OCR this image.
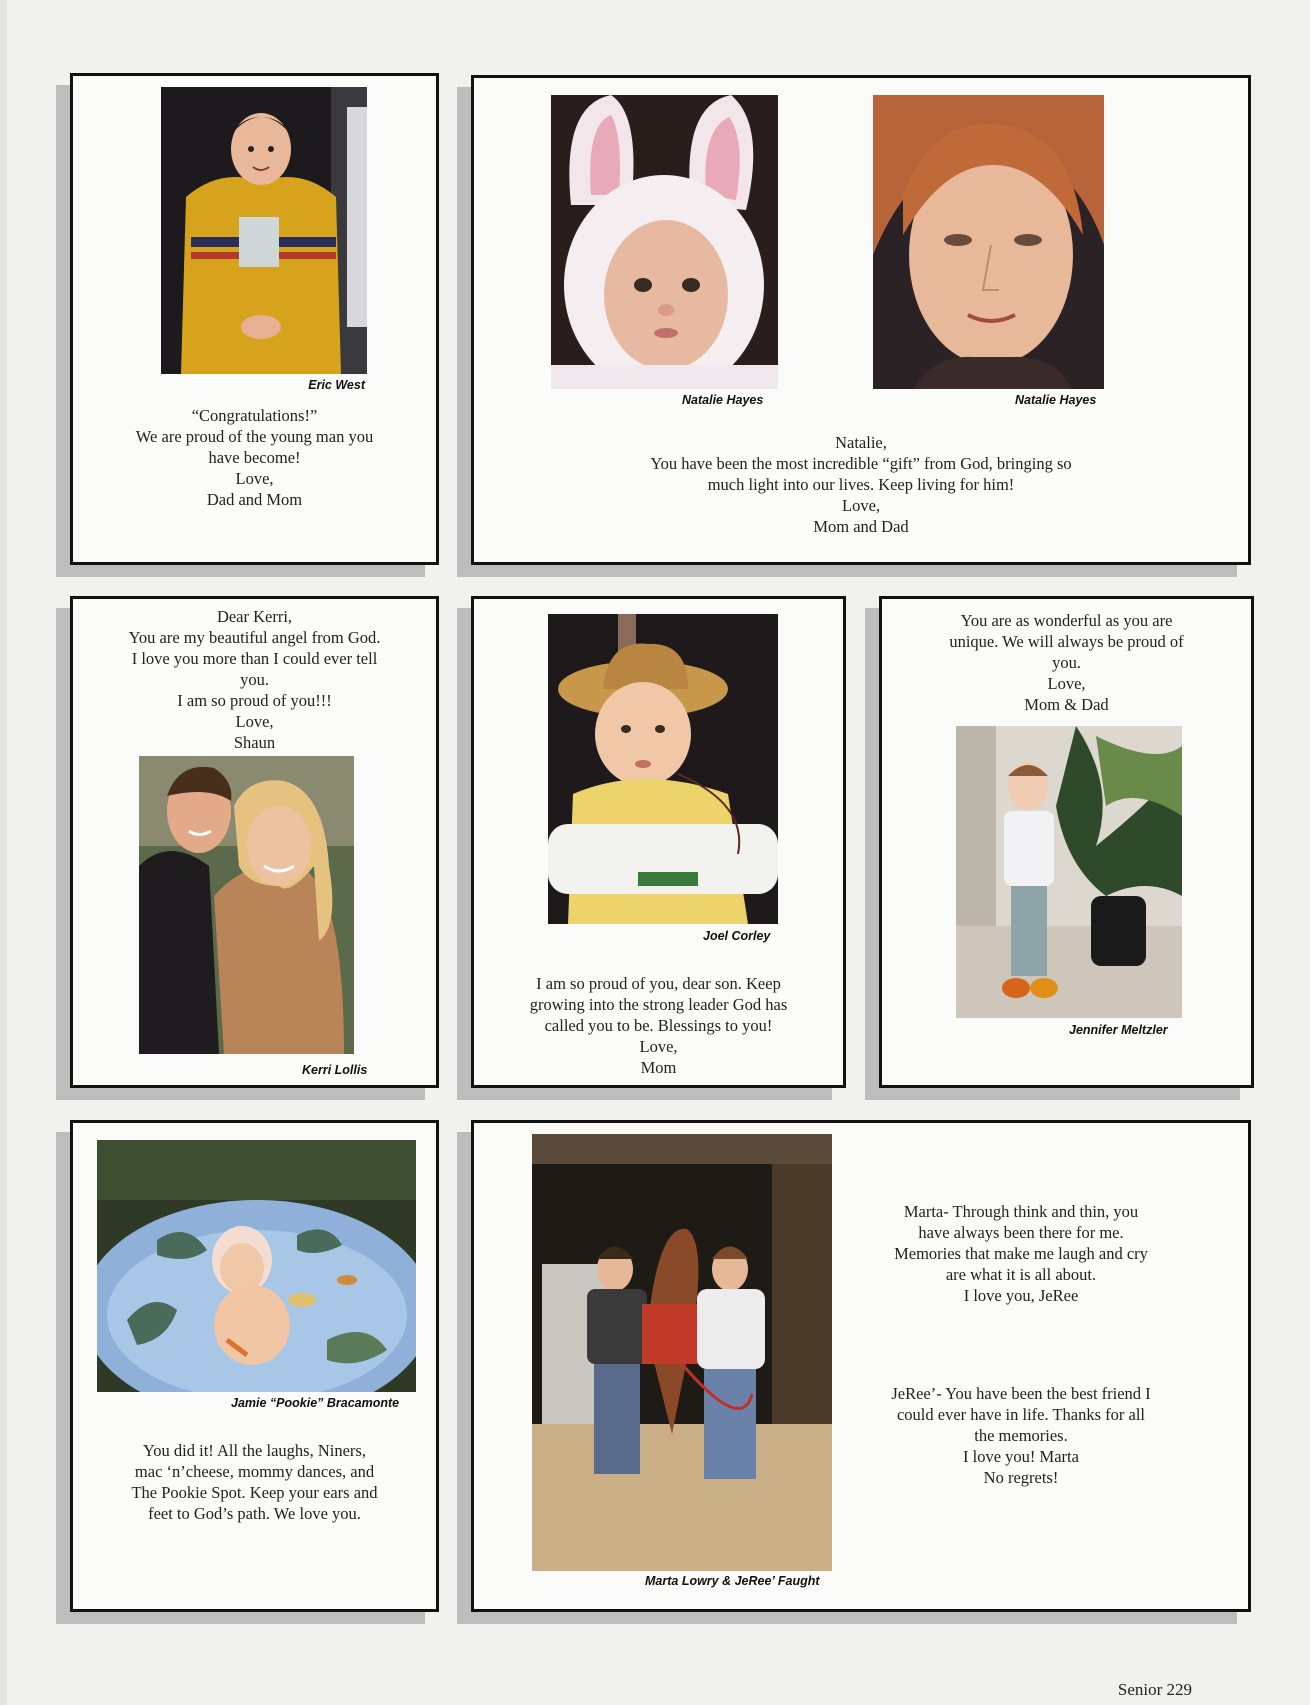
Eric West
“Congratulations!”
We are proud of the young man you
have become!
Love,
Dad and Mom
Natalie Hayes	Natalie Hayes
Natalie,
You have been the most incredible “gift” from God, bringing so
much light into our lives. Keep living for him!
Love,
Mom and Dad
Dear Kerri,
You are my beautiful angel from God.
I love you more than I could ever tell
you.
I am so proud of you!!!
Love,
Shaun
Kerri Lollis
Joel Corley
I am so proud of you, dear son. Keep
growing into the strong leader God has
called you to be. Blessings to you!
Love,
Mom
You are as wonderful as you are
unique. We will always be proud of
you.
Love,
Mom & Dad
Jennifer Meltzler
Jamie “Pookie” Bracamonte
You did it! All the laughs, Niners,
mac ‘n’cheese, mommy dances, and
The Pookie Spot. Keep your ears and
feet to God’s path. We love you.
Marta Lowry & JeRee’ Faught
Marta- Through think and thin, you
have always been there for me.
Memories that make me laugh and cry
are what it is all about.
I love you, JeRee
JeRee’- You have been the best friend I
could ever have in life. Thanks for all
the memories.
I love you! Marta
No regrets!
Senior 229
